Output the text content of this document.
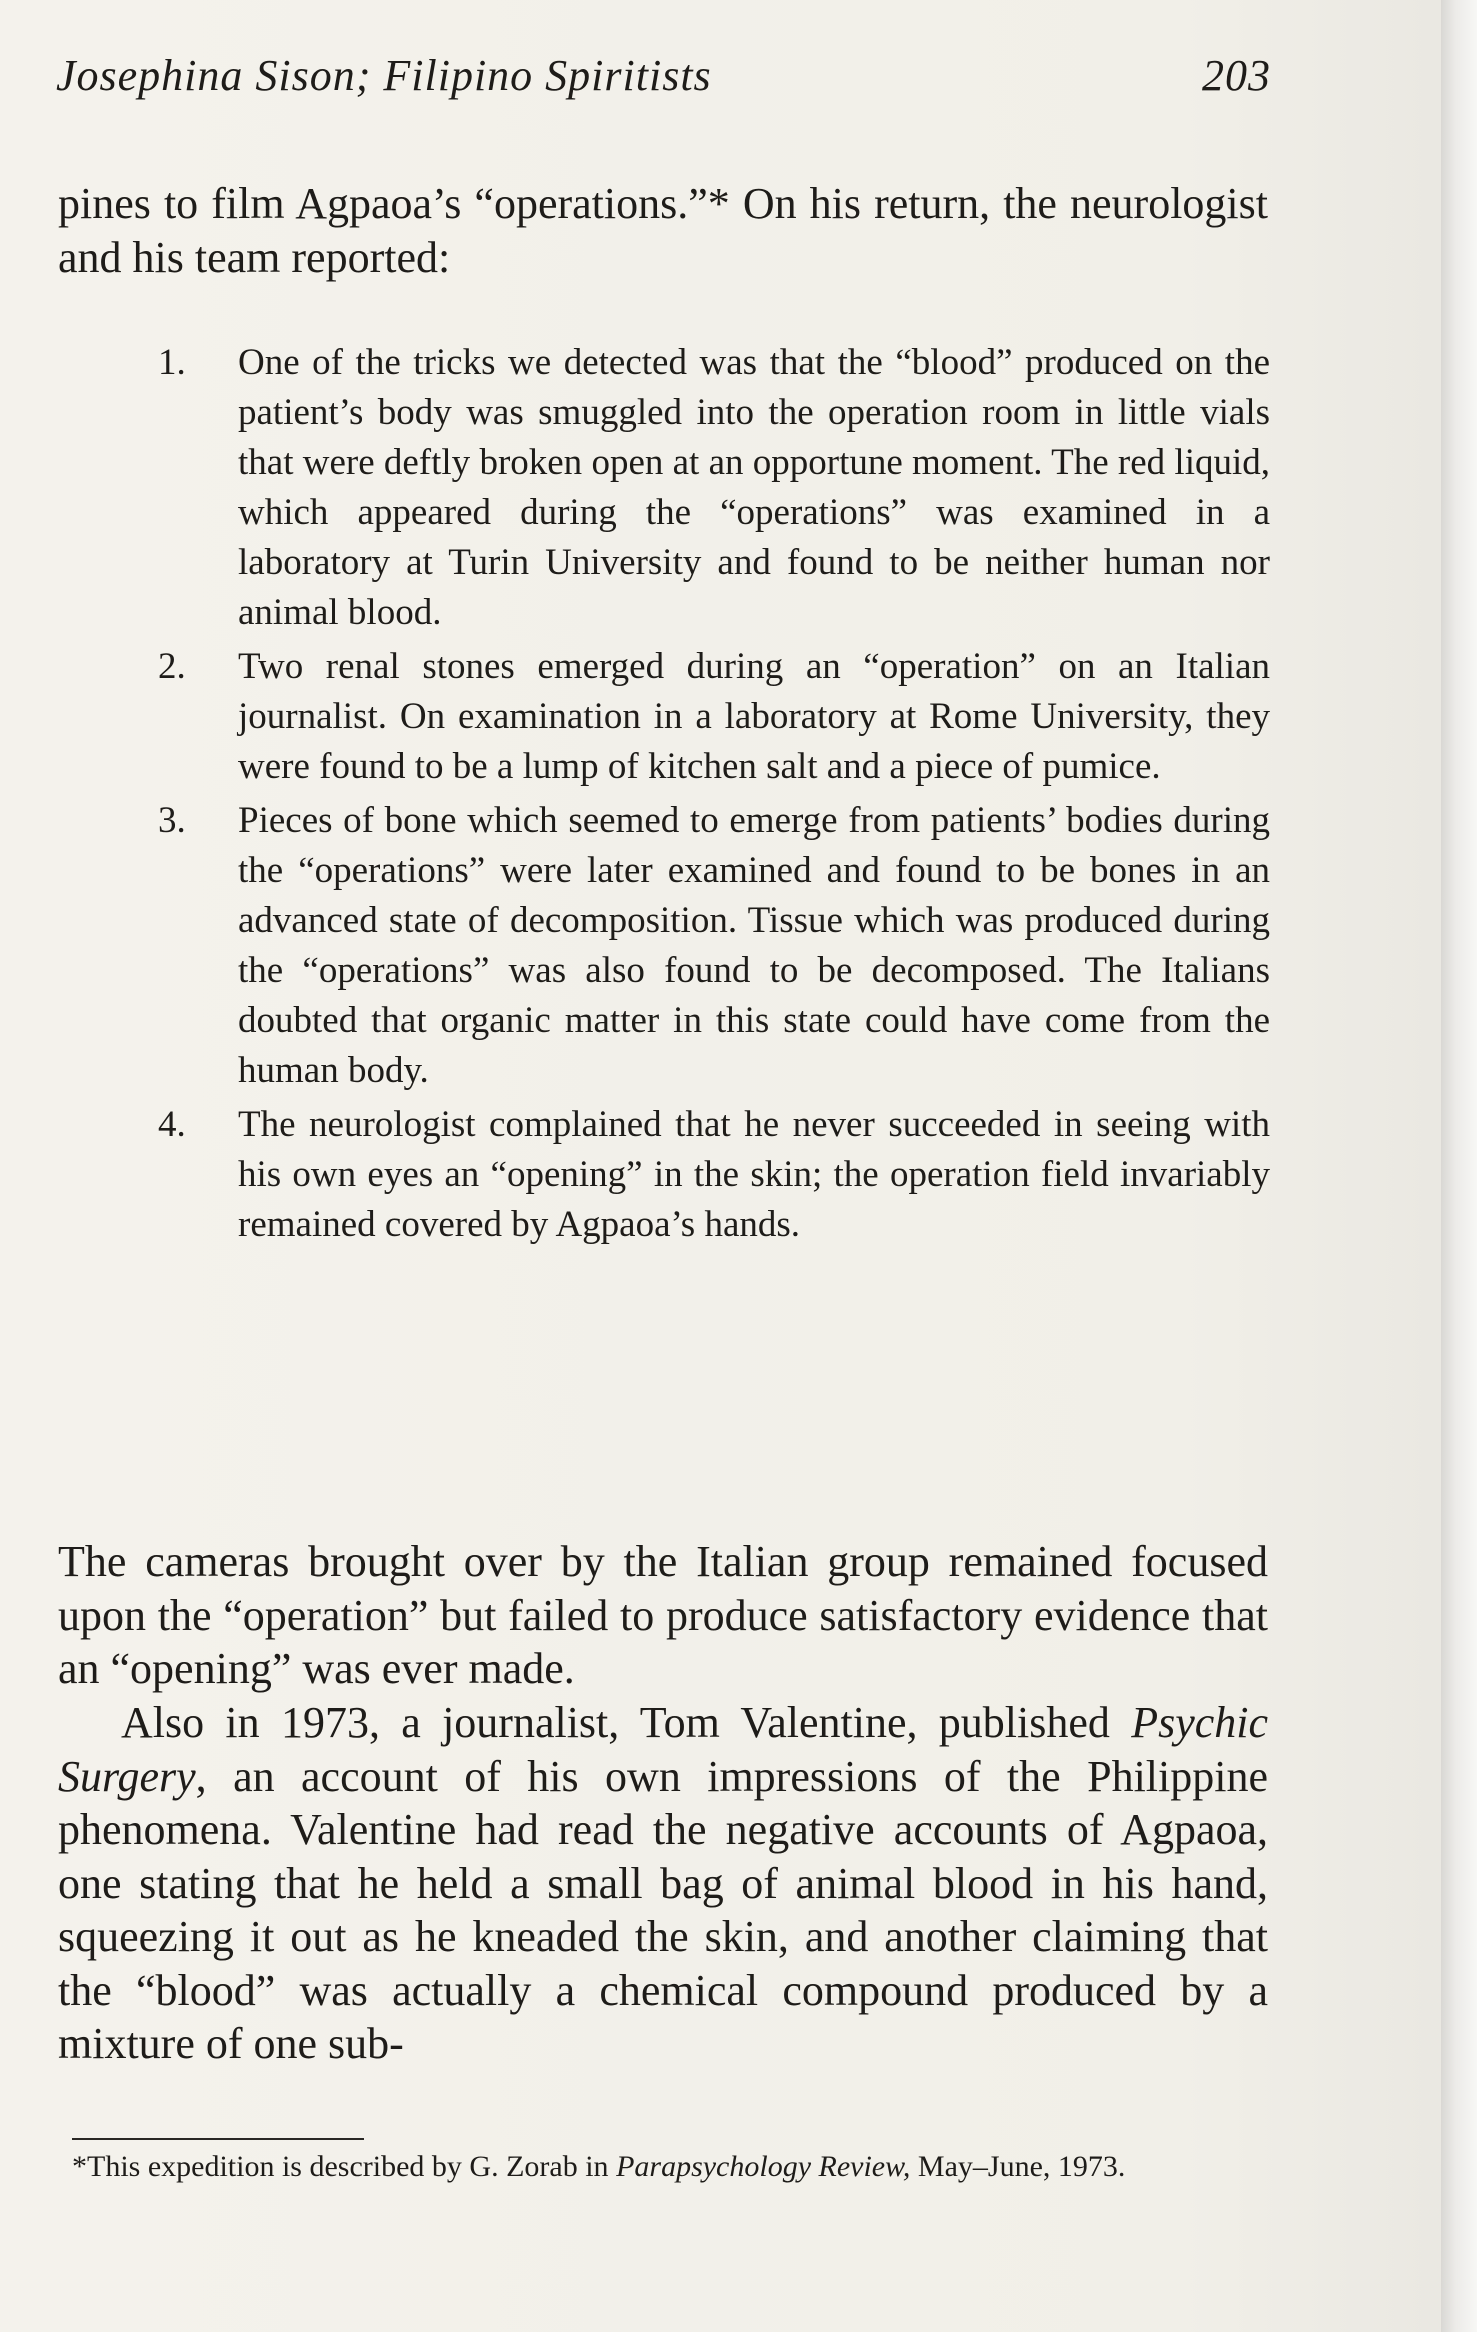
Josephina Sison; Filipino Spiritists	203
pines to film Agpaoa’s “operations.”* On his return, the neurologist and his team reported:
1.	One of the tricks we detected was that the “blood” produced on the patient’s body was smuggled into the operation room in little vials that were deftly broken open at an opportune moment. The red liquid, which appeared during the “operations” was examined in a laboratory at Turin University and found to be neither human nor animal blood.
2.	Two renal stones emerged during an “operation” on an Italian journalist. On examination in a laboratory at Rome University, they were found to be a lump of kitchen salt and a piece of pumice.
3.	Pieces of bone which seemed to emerge from patients’ bodies during the “operations” were later examined and found to be bones in an advanced state of decomposition. Tissue which was produced during the “operations” was also found to be decomposed. The Italians doubted that organic matter in this state could have come from the human body.
4.	The neurologist complained that he never succeeded in seeing with his own eyes an “opening” in the skin; the operation field invariably remained covered by Agpaoa’s hands.
The cameras brought over by the Italian group remained focused upon the “operation” but failed to produce satisfactory evidence that an “opening” was ever made.
Also in 1973, a journalist, Tom Valentine, published Psychic Surgery, an account of his own impressions of the Philippine phenomena. Valentine had read the negative accounts of Agpaoa, one stating that he held a small bag of animal blood in his hand, squeezing it out as he kneaded the skin, and another claiming that the “blood” was actually a chemical compound produced by a mixture of one sub-
*This expedition is described by G. Zorab in Parapsychology Review, May–June, 1973.
